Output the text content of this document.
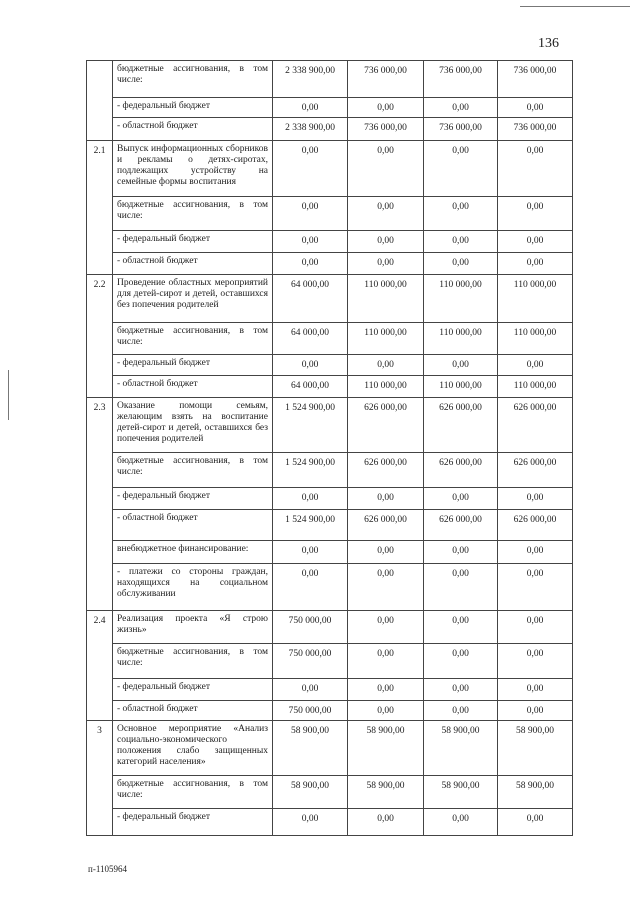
136
	бюджетные ассигнования, в том числе:	2 338 900,00	736 000,00	736 000,00	736 000,00
	- федеральный бюджет	0,00	0,00	0,00	0,00
	- областной бюджет	2 338 900,00	736 000,00	736 000,00	736 000,00
2.1	Выпуск информационных сборников и рекламы о детях-сиротах, подлежащих устройству на семейные формы воспитания	0,00	0,00	0,00	0,00
	бюджетные ассигнования, в том числе:	0,00	0,00	0,00	0,00
	- федеральный бюджет	0,00	0,00	0,00	0,00
	- областной бюджет	0,00	0,00	0,00	0,00
2.2	Проведение областных мероприятий для детей-сирот и детей, оставшихся без попечения родителей	64 000,00	110 000,00	110 000,00	110 000,00
	бюджетные ассигнования, в том числе:	64 000,00	110 000,00	110 000,00	110 000,00
	- федеральный бюджет	0,00	0,00	0,00	0,00
	- областной бюджет	64 000,00	110 000,00	110 000,00	110 000,00
2.3	Оказание помощи семьям, желающим взять на воспитание детей-сирот и детей, оставшихся без попечения родителей	1 524 900,00	626 000,00	626 000,00	626 000,00
	бюджетные ассигнования, в том числе:	1 524 900,00	626 000,00	626 000,00	626 000,00
	- федеральный бюджет	0,00	0,00	0,00	0,00
	- областной бюджет	1 524 900,00	626 000,00	626 000,00	626 000,00
	внебюджетное финансирование:	0,00	0,00	0,00	0,00
	- платежи со стороны граждан, находящихся на социальном обслуживании	0,00	0,00	0,00	0,00
2.4	Реализация проекта «Я строю жизнь»	750 000,00	0,00	0,00	0,00
	бюджетные ассигнования, в том числе:	750 000,00	0,00	0,00	0,00
	- федеральный бюджет	0,00	0,00	0,00	0,00
	- областной бюджет	750 000,00	0,00	0,00	0,00
3	Основное мероприятие «Анализ социально-экономического положения слабо защищенных категорий населения»	58 900,00	58 900,00	58 900,00	58 900,00
	бюджетные ассигнования, в том числе:	58 900,00	58 900,00	58 900,00	58 900,00
	- федеральный бюджет	0,00	0,00	0,00	0,00
п-1105964
